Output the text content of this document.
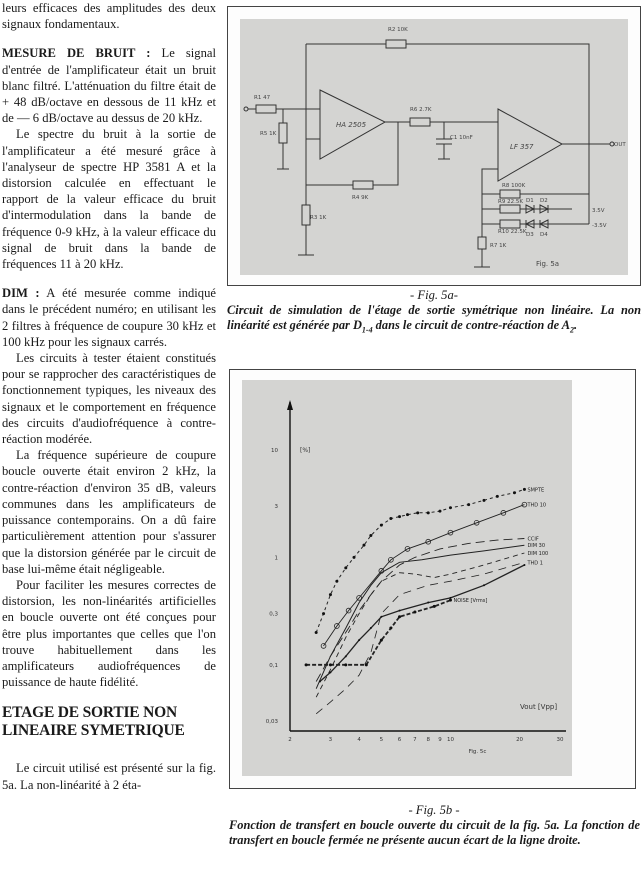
leurs efficaces des amplitudes des deux signaux fondamentaux.

MESURE DE BRUIT : Le signal d'entrée de l'amplificateur était un bruit blanc filtré. L'atténuation du filtre était de + 48 dB/octave en dessous de 11 kHz et de — 6 dB/octave au dessus de 20 kHz.

Le spectre du bruit à la sortie de l'amplificateur a été mesuré grâce à l'analyseur de spectre HP 3581 A et la distorsion calculée en effectuant le rapport de la valeur efficace du bruit d'intermodulation dans la bande de fréquence 0-9 kHz, à la valeur efficace du signal de bruit dans la bande de fréquences 11 à 20 kHz.

DIM : A été mesurée comme indiqué dans le précédent numéro; en utilisant les 2 filtres à fréquence de coupure 30 kHz et 100 kHz pour les signaux carrés.

Les circuits à tester étaient constitués pour se rapprocher des caractéristiques de fonctionnement typiques, les niveaux des signaux et le comportement en fréquence des circuits d'audiofréquence à contre-réaction modérée.

La fréquence supérieure de coupure boucle ouverte était environ 2 kHz, la contre-réaction d'environ 35 dB, valeurs communes dans les amplificateurs de puissance contemporains. On a dû faire particulièrement attention pour s'assurer que la distorsion générée par le circuit de base lui-même était négligeable.

Pour faciliter les mesures correctes de distorsion, les non-linéarités artificielles en boucle ouverte ont été conçues pour être plus importantes que celles que l'on trouve habituellement dans les amplificateurs audiofréquences de puissance de haute fidélité.

ETAGE DE SORTIE NON LINEAIRE SYMETRIQUE

Le circuit utilisé est présenté sur la fig. 5a. La non-linéarité à 2 éta-

R2 10K
R1 47
R5 1K
HA 2505
R6 2.7K
C1 10nF
R4 9K
R3 1K
LF 357
R8 100K
R9 22.5K
R10 22.5K
D1 D2
D3 D4
R7 1K
3.5V
-3.5V
OUT
Fig. 5a
- Fig. 5a-
Circuit de simulation de l'étage de sortie symétrique non linéaire. La non linéarité est générée par $D_{1-4}$ dans le circuit de contre-réaction de $A_2$.
0,03
0,1
0,3
1
3
10
2	3	4	5	6 7 8 9 10	20	30
[%]
Vout [Vpp]
Fig. 5c
SMPTE
THD 10
CCIF
DIM 30
DIM 100
THD 1
NOISE [Vrms]
- Fig. 5b -
Fonction de transfert en boucle ouverte du circuit de la fig. 5a. La fonction de transfert en boucle fermée ne présente aucun écart de la ligne droite.
